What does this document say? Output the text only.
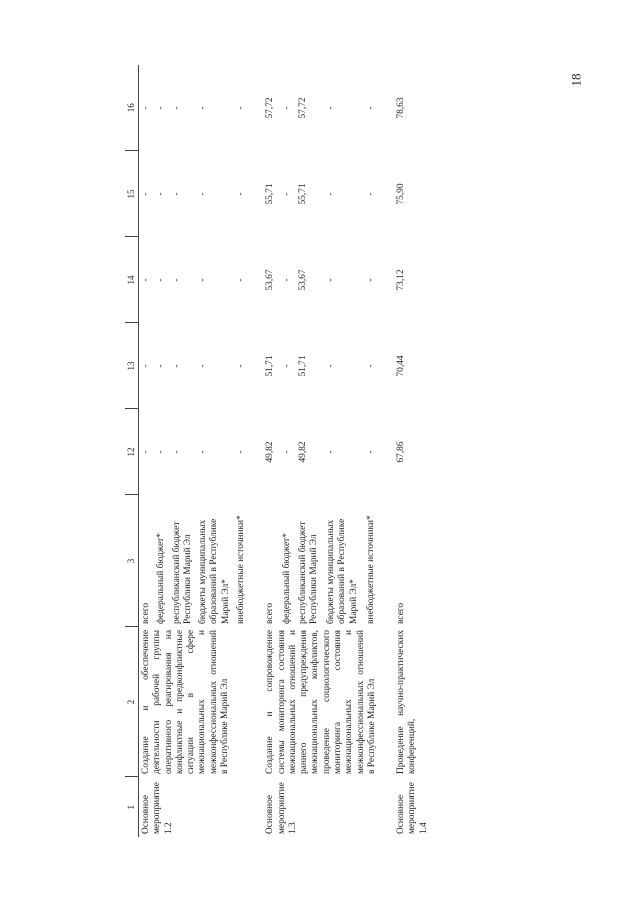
18
1	2	3	12	13	14	15	16
Основное мероприятие 1.2	Создание и обеспечение деятельности рабочей группы оперативного реагирования на конфликтные и предконфликтные ситуации в сфере межнациональных и межконфессиональных отношений в Республике Марий Эл	всего	-	-	-	-	-
		федеральный бюджет*	-	-	-	-	-
		республиканский бюджет Республики Марий Эл	-	-	-	-	-
		бюджеты муниципальных образований в Республике Марий Эл*	-	-	-	-	-
		внебюджетные источники*	-	-	-	-	-
Основное мероприятие 1.3	Создание и сопровождение системы мониторинга состояния межнациональных отношений и раннего предупреждения межнациональных конфликтов, проведение социологического мониторинга состояния межнациональных и межконфессиональных отношений в Республике Марий Эл	всего	49,82	51,71	53,67	55,71	57,72
		федеральный бюджет*	-	-	-	-	-
		республиканский бюджет Республики Марий Эл	49,82	51,71	53,67	55,71	57,72
		бюджеты муниципальных образований в Республике Марий Эл*	-	-	-	-	-
		внебюджетные источники*	-	-	-	-	-
Основное мероприятие 1.4	Проведение научно-практических конференций,	всего	67,86	70,44	73,12	75,90	78,63
